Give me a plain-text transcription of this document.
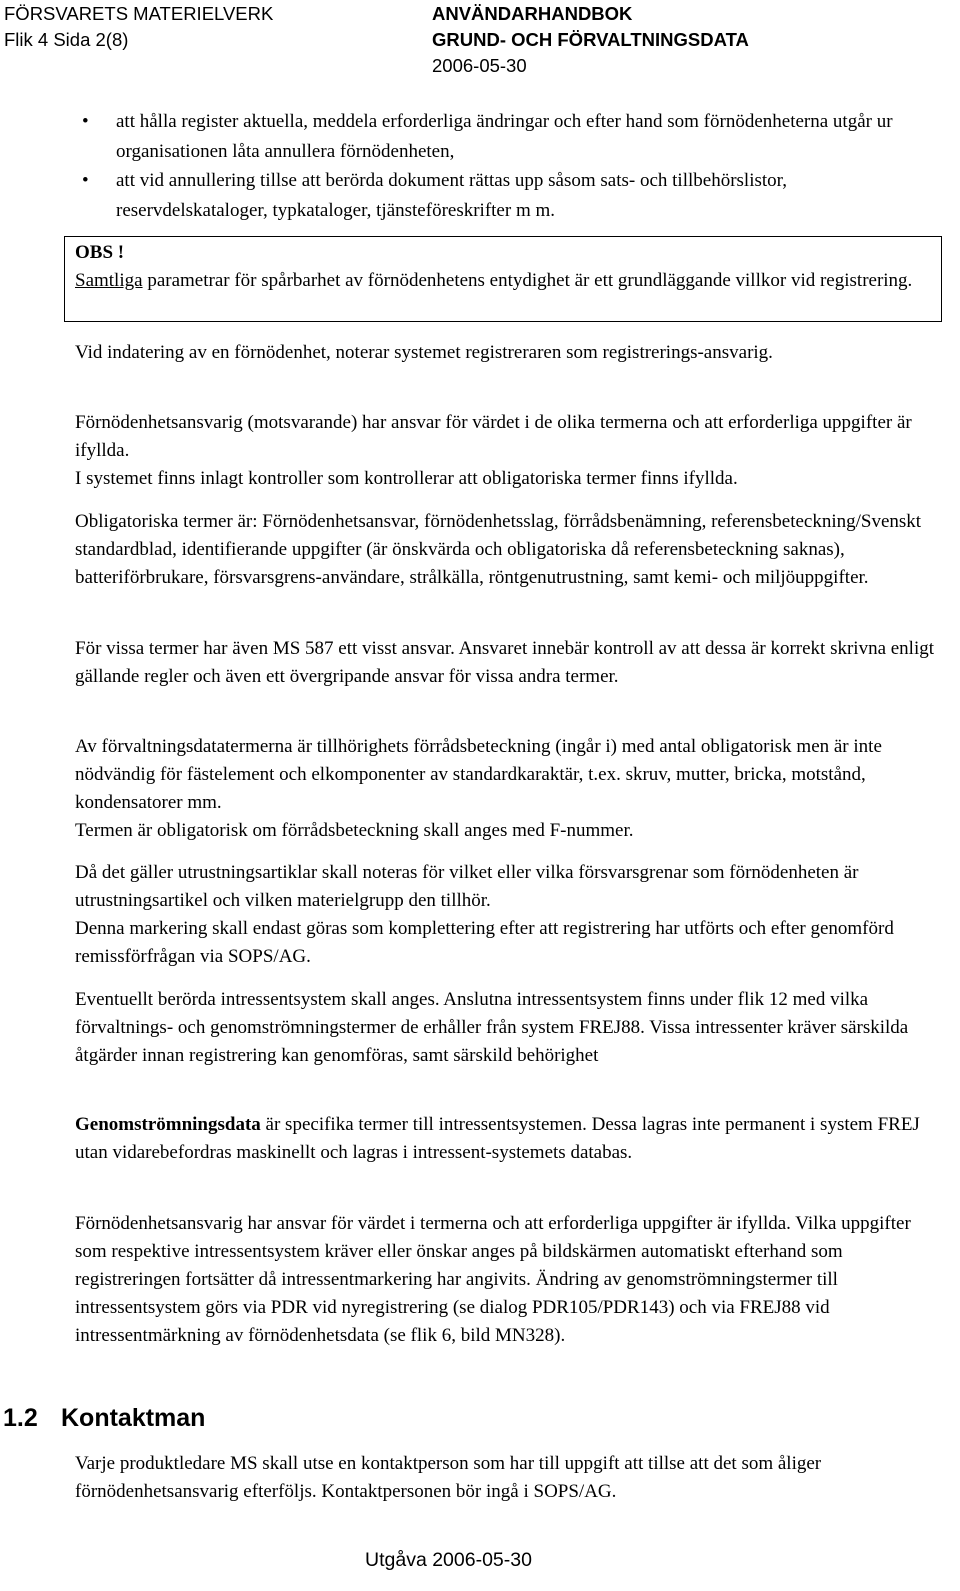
FÖRSVARETS MATERIELVERK
Flik 4 Sida 2(8)
ANVÄNDARHANDBOK
GRUND- OCH FÖRVALTNINGSDATA
2006-05-30
• att hålla register aktuella, meddela erforderliga ändringar och efter hand som förnödenheterna utgår ur organisationen låta annullera förnödenheten,
• att vid annullering tillse att berörda dokument rättas upp såsom sats- och tillbehörslistor, reservdelskataloger, typkataloger, tjänsteföreskrifter m m.
OBS !
Samtliga parametrar för spårbarhet av förnödenhetens entydighet är ett grundläggande villkor vid registrering.

Vid indatering av en förnödenhet, noterar systemet registreraren som registrerings-ansvarig.

Förnödenhetsansvarig (motsvarande) har ansvar för värdet i de olika termerna och att erforderliga uppgifter är ifyllda.

I systemet finns inlagt kontroller som kontrollerar att obligatoriska termer finns ifyllda.

Obligatoriska termer är: Förnödenhetsansvar, förnödenhetsslag, förrådsbenämning, referensbeteckning/Svenskt standardblad, identifierande uppgifter (är önskvärda och obligatoriska då referensbeteckning saknas), batteriförbrukare, försvarsgrens-användare, strålkälla, röntgenutrustning, samt kemi- och miljöuppgifter.

För vissa termer har även MS 587 ett visst ansvar. Ansvaret innebär kontroll av att dessa är korrekt skrivna enligt gällande regler och även ett övergripande ansvar för vissa andra termer.

Av förvaltningsdatatermerna är tillhörighets förrådsbeteckning (ingår i) med antal obligatorisk men är inte nödvändig för fästelement och elkomponenter av standardkaraktär, t.ex. skruv, mutter, bricka, motstånd, kondensatorer mm.

Termen är obligatorisk om förrådsbeteckning skall anges med F-nummer.

Då det gäller utrustningsartiklar skall noteras för vilket eller vilka försvarsgrenar som förnödenheten är utrustningsartikel och vilken materielgrupp den tillhör.

Denna markering skall endast göras som komplettering efter att registrering har utförts och efter genomförd remissförfrågan via SOPS/AG.

Eventuellt berörda intressentsystem skall anges. Anslutna intressentsystem finns under flik 12 med vilka förvaltnings- och genomströmningstermer de erhåller från system FREJ88. Vissa intressenter kräver särskilda åtgärder innan registrering kan genomföras, samt särskild behörighet

Genomströmningsdata är specifika termer till intressentsystemen. Dessa lagras inte permanent i system FREJ utan vidarebefordras maskinellt och lagras i intressent-systemets databas.

Förnödenhetsansvarig har ansvar för värdet i termerna och att erforderliga uppgifter är ifyllda. Vilka uppgifter som respektive intressentsystem kräver eller önskar anges på bildskärmen automatiskt efterhand som registreringen fortsätter då intressentmarkering har angivits. Ändring av genomströmningstermer till intressentsystem görs via PDR vid nyregistrering (se dialog PDR105/PDR143) och via FREJ88 vid intressentmärkning av förnödenhetsdata (se flik 6, bild MN328).

1.2 Kontaktman

Varje produktledare MS skall utse en kontaktperson som har till uppgift att tillse att det som åliger förnödenhetsansvarig efterföljs. Kontaktpersonen bör ingå i SOPS/AG.

Utgåva 2006-05-30
